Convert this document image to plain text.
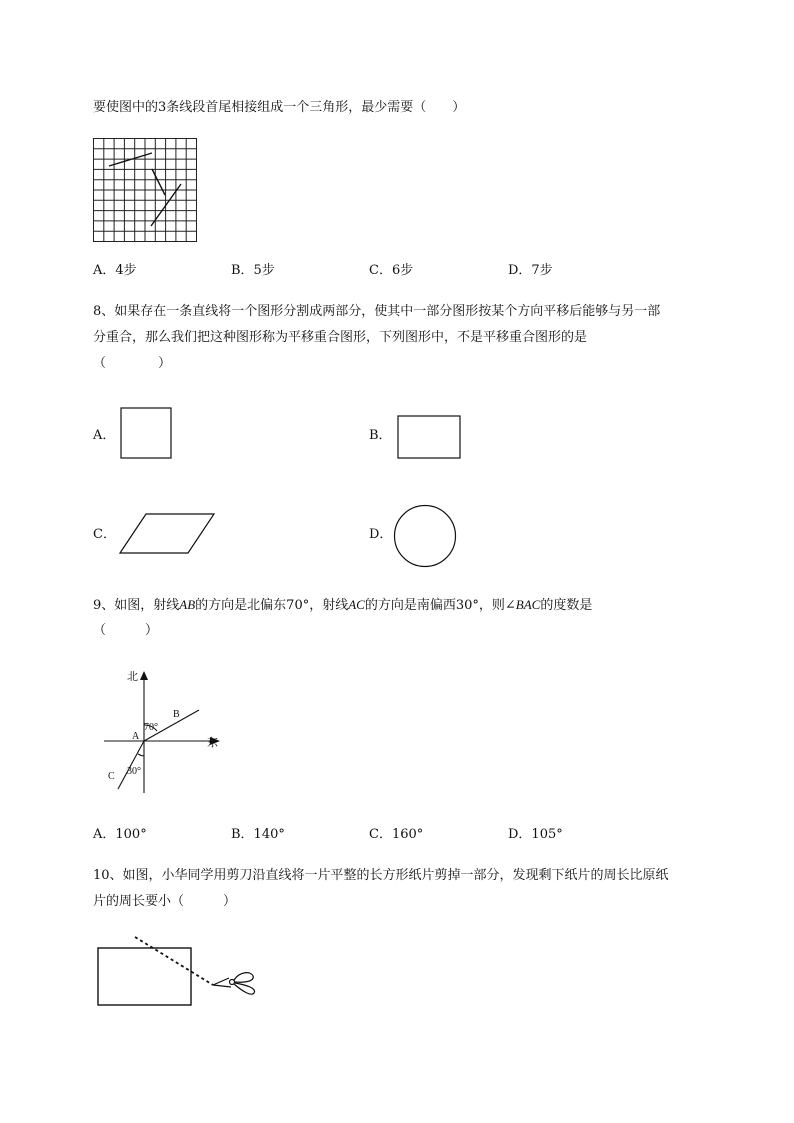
要使图中的3条线段首尾相接组成一个三角形，最少需要（　　）
A．4步	B．5步	C．6步	D．7步
8、如果存在一条直线将一个图形分割成两部分，使其中一部分图形按某个方向平移后能够与另一部
分重合，那么我们把这种图形称为平移重合图形，下列图形中，不是平移重合图形的是
（　　　　）
A．	B．
C．	D．
9、如图，射线AB的方向是北偏东70°，射线AC的方向是南偏西30°，则∠BAC的度数是
（　　　）
北
东
A
B
C
70°
30°
A．100°	B．140°	C．160°	D．105°
10、如图，小华同学用剪刀沿直线将一片平整的长方形纸片剪掉一部分，发现剩下纸片的周长比原纸
片的周长要小（　　　）
